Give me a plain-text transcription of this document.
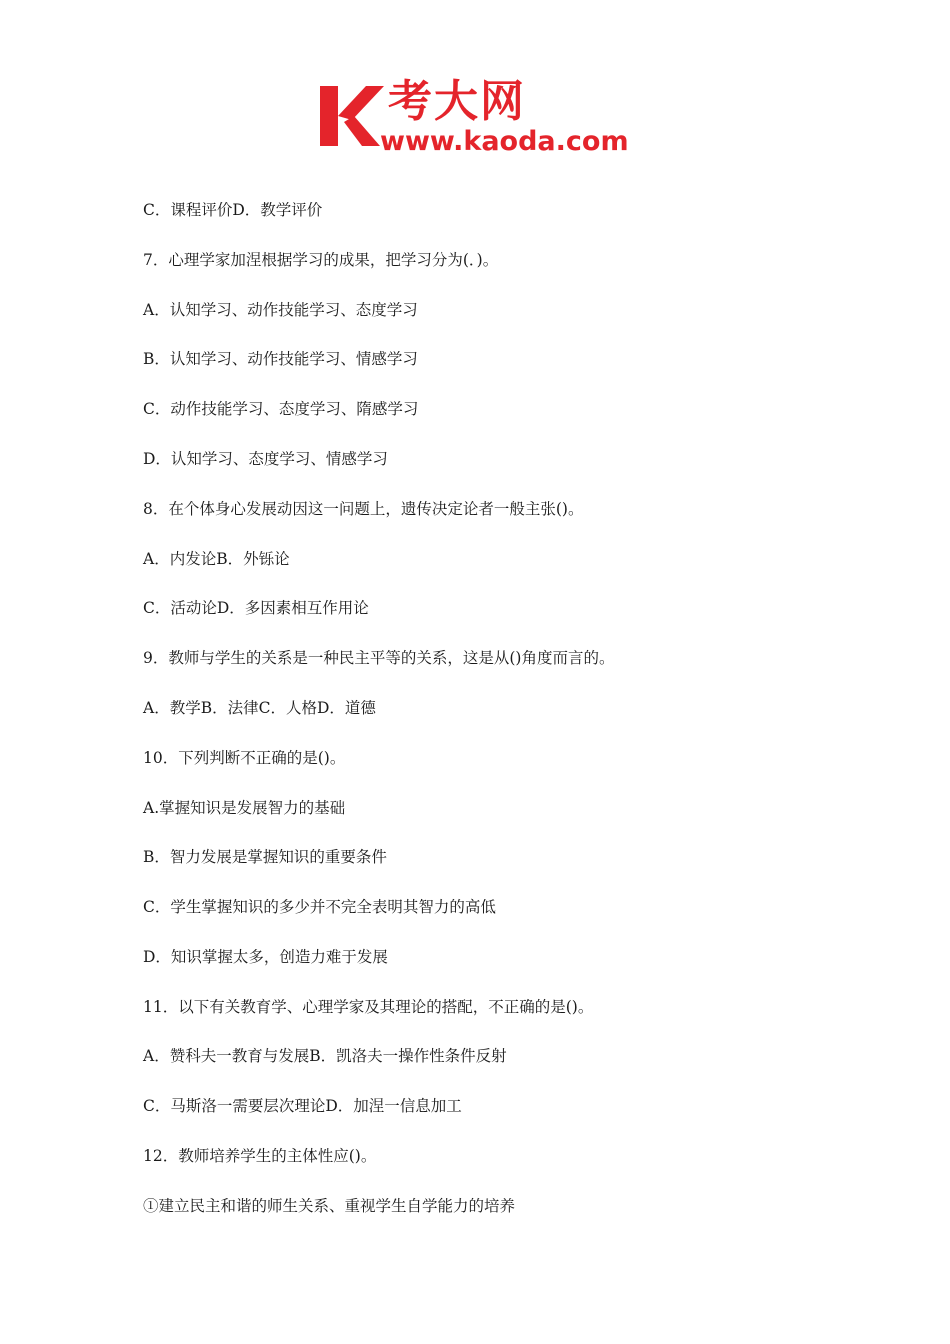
考大网
www.kaoda.com
C．课程评价D．教学评价
7．心理学家加涅根据学习的成果，把学习分为(．)。
A．认知学习、动作技能学习、态度学习
B．认知学习、动作技能学习、情感学习
C．动作技能学习、态度学习、隋感学习
D．认知学习、态度学习、情感学习
8．在个体身心发展动因这一问题上，遗传决定论者一般主张()。
A．内发论B．外铄论
C．活动论D．多因素相互作用论
9．教师与学生的关系是一种民主平等的关系，这是从()角度而言的。
A．教学B．法律C．人格D．道德
10．下列判断不正确的是()。
A.掌握知识是发展智力的基础
B．智力发展是掌握知识的重要条件
C．学生掌握知识的多少并不完全表明其智力的高低
D．知识掌握太多，创造力难于发展
11．以下有关教育学、心理学家及其理论的搭配，不正确的是()。
A．赞科夫一教育与发展B．凯洛夫一操作性条件反射
C．马斯洛一需要层次理论D．加涅一信息加工
12．教师培养学生的主体性应()。
①建立民主和谐的师生关系、重视学生自学能力的培养
